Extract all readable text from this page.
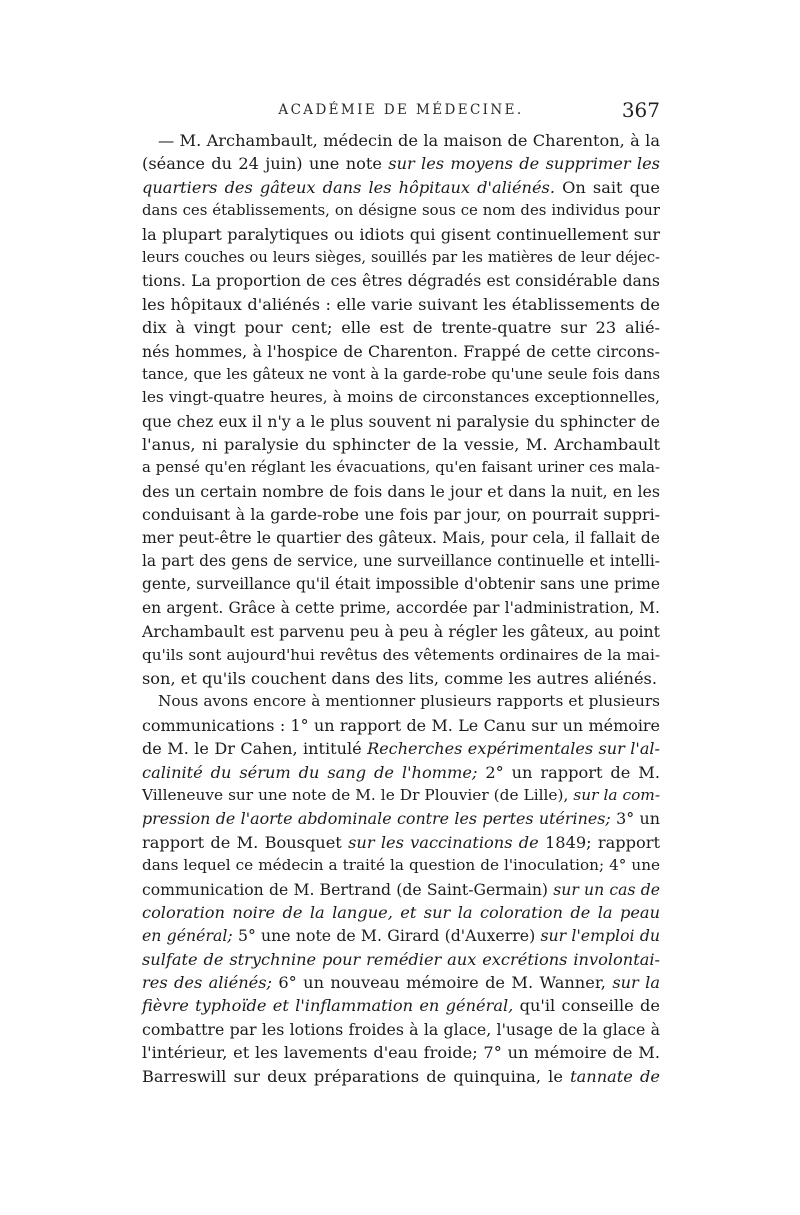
ACADÉMIE DE MÉDECINE.	367
— M. Archambault, médecin de la maison de Charenton, à la
(séance du 24 juin) une note sur les moyens de supprimer les
quartiers des gâteux dans les hôpitaux d'aliénés. On sait que
dans ces établissements, on désigne sous ce nom des individus pour
la plupart paralytiques ou idiots qui gisent continuellement sur
leurs couches ou leurs sièges, souillés par les matières de leur déjec-
tions. La proportion de ces êtres dégradés est considérable dans
les hôpitaux d'aliénés : elle varie suivant les établissements de
dix à vingt pour cent; elle est de trente-quatre sur 23 alié-
nés hommes, à l'hospice de Charenton. Frappé de cette circons-
tance, que les gâteux ne vont à la garde-robe qu'une seule fois dans
les vingt-quatre heures, à moins de circonstances exceptionnelles,
que chez eux il n'y a le plus souvent ni paralysie du sphincter de
l'anus, ni paralysie du sphincter de la vessie, M. Archambault
a pensé qu'en réglant les évacuations, qu'en faisant uriner ces mala-
des un certain nombre de fois dans le jour et dans la nuit, en les
conduisant à la garde-robe une fois par jour, on pourrait suppri-
mer peut-être le quartier des gâteux. Mais, pour cela, il fallait de
la part des gens de service, une surveillance continuelle et intelli-
gente, surveillance qu'il était impossible d'obtenir sans une prime
en argent. Grâce à cette prime, accordée par l'administration, M.
Archambault est parvenu peu à peu à régler les gâteux, au point
qu'ils sont aujourd'hui revêtus des vêtements ordinaires de la mai-
son, et qu'ils couchent dans des lits, comme les autres aliénés.
Nous avons encore à mentionner plusieurs rapports et plusieurs
communications : 1° un rapport de M. Le Canu sur un mémoire
de M. le Dr Cahen, intitulé Recherches expérimentales sur l'al-
calinité du sérum du sang de l'homme; 2° un rapport de M.
Villeneuve sur une note de M. le Dr Plouvier (de Lille), sur la com-
pression de l'aorte abdominale contre les pertes utérines; 3° un
rapport de M. Bousquet sur les vaccinations de 1849; rapport
dans lequel ce médecin a traité la question de l'inoculation; 4° une
communication de M. Bertrand (de Saint-Germain) sur un cas de
coloration noire de la langue, et sur la coloration de la peau
en général; 5° une note de M. Girard (d'Auxerre) sur l'emploi du
sulfate de strychnine pour remédier aux excrétions involontai-
res des aliénés; 6° un nouveau mémoire de M. Wanner, sur la
fièvre typhoïde et l'inflammation en général, qu'il conseille de
combattre par les lotions froides à la glace, l'usage de la glace à
l'intérieur, et les lavements d'eau froide; 7° un mémoire de M.
Barreswill sur deux préparations de quinquina, le tannate de
